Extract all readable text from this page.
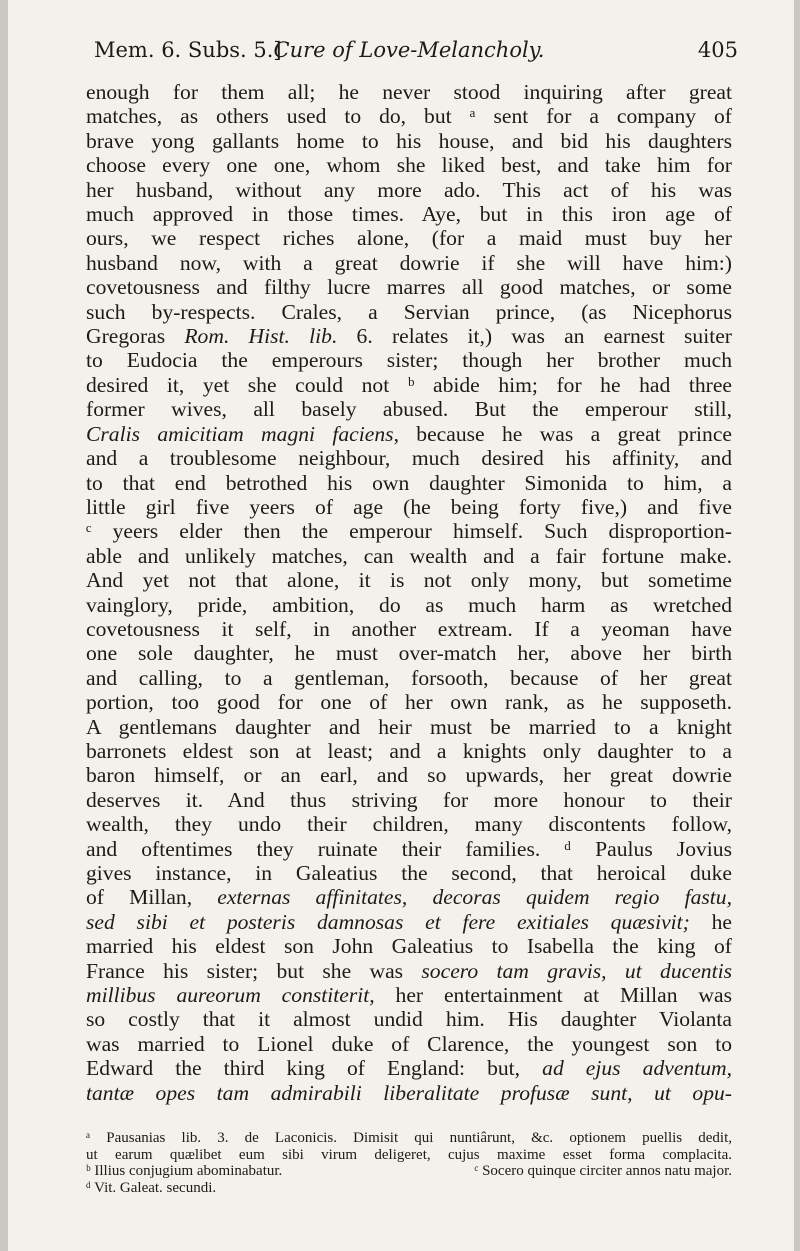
Mem. 6. Subs. 5.]
Cure of Love-Melancholy.	405
enough for them all; he never stood inquiring after great
matches, as others used to do, but ᵃ sent for a company of
brave yong gallants home to his house, and bid his daughters
choose every one one, whom she liked best, and take him for
her husband, without any more ado. This act of his was
much approved in those times. Aye, but in this iron age of
ours, we respect riches alone, (for a maid must buy her
husband now, with a great dowrie if she will have him:)
covetousness and filthy lucre marres all good matches, or some
such by-respects. Crales, a Servian prince, (as Nicephorus
Gregoras Rom. Hist. lib. 6. relates it,) was an earnest suiter
to Eudocia the emperours sister; though her brother much
desired it, yet she could not ᵇ abide him; for he had three
former wives, all basely abused. But the emperour still,
Cralis amicitiam magni faciens, because he was a great prince
and a troublesome neighbour, much desired his affinity, and
to that end betrothed his own daughter Simonida to him, a
little girl five yeers of age (he being forty five,) and five
ᶜ yeers elder then the emperour himself. Such disproportion-
able and unlikely matches, can wealth and a fair fortune make.
And yet not that alone, it is not only mony, but sometime
vainglory, pride, ambition, do as much harm as wretched
covetousness it self, in another extream. If a yeoman have
one sole daughter, he must over-match her, above her birth
and calling, to a gentleman, forsooth, because of her great
portion, too good for one of her own rank, as he supposeth.
A gentlemans daughter and heir must be married to a knight
barronets eldest son at least; and a knights only daughter to a
baron himself, or an earl, and so upwards, her great dowrie
deserves it. And thus striving for more honour to their
wealth, they undo their children, many discontents follow,
and oftentimes they ruinate their families. ᵈ Paulus Jovius
gives instance, in Galeatius the second, that heroical duke
of Millan, externas affinitates, decoras quidem regio fastu,
sed sibi et posteris damnosas et fere exitiales quæsivit; he
married his eldest son John Galeatius to Isabella the king of
France his sister; but she was socero tam gravis, ut ducentis
millibus aureorum constiterit, her entertainment at Millan was
so costly that it almost undid him. His daughter Violanta
was married to Lionel duke of Clarence, the youngest son to
Edward the third king of England: but, ad ejus adventum,
tantæ opes tam admirabili liberalitate profusæ sunt, ut opu-
ᵃ Pausanias lib. 3. de Laconicis. Dimisit qui nuntiârunt, &c. optionem puellis dedit,
ut earum quælibet eum sibi virum deligeret, cujus maxime esset forma complacita.
ᵇ Illius conjugium abominabatur.	ᶜ Socero quinque circiter annos natu major.
ᵈ Vit. Galeat. secundi.
